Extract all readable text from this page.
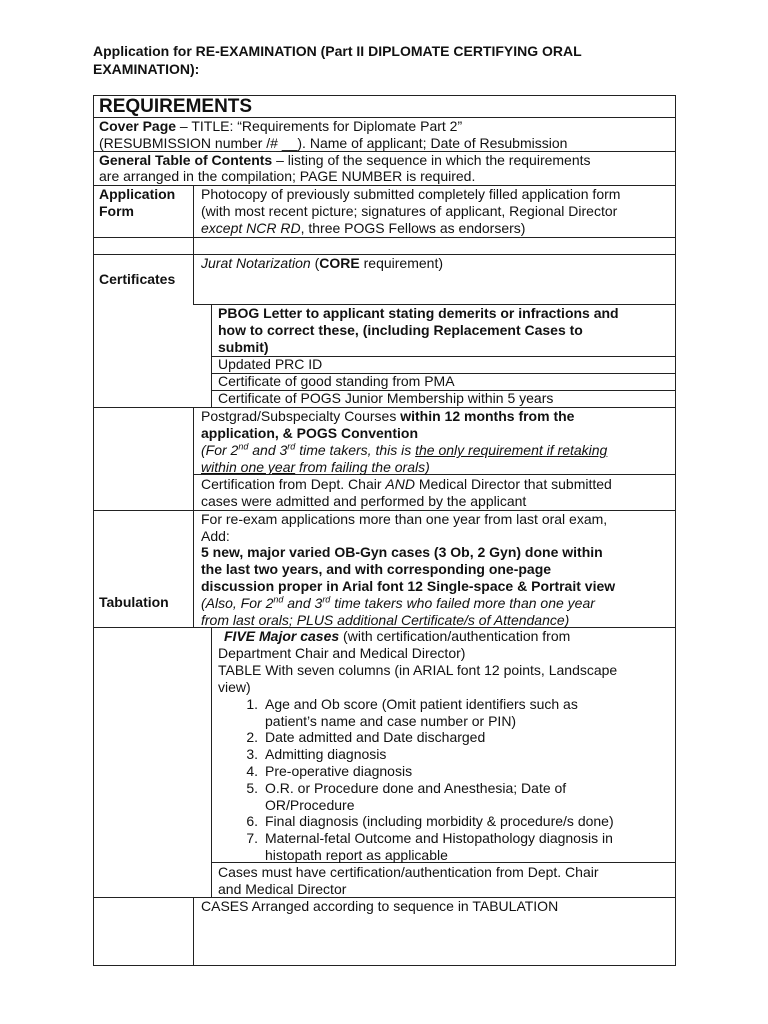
Application for RE-EXAMINATION (Part II DIPLOMATE CERTIFYING ORAL
EXAMINATION):
REQUIREMENTS
Cover Page – TITLE: “Requirements for Diplomate Part 2”
(RESUBMISSION number /# __). Name of applicant; Date of Resubmission
General Table of Contents – listing of the sequence in which the requirements
are arranged in the compilation; PAGE NUMBER is required.
Application
Form
Photocopy of previously submitted completely filled application form
(with most recent picture; signatures of applicant, Regional Director
except NCR RD, three POGS Fellows as endorsers)
Certificates
Jurat Notarization (CORE requirement)
PBOG Letter to applicant stating demerits or infractions and
how to correct these, (including Replacement Cases to
submit)
Updated PRC ID
Certificate of good standing from PMA
Certificate of POGS Junior Membership within 5 years
Postgrad/Subspecialty Courses within 12 months from the
application, & POGS Convention
(For 2nd and 3rd time takers, this is the only requirement if retaking
within one year from failing the orals)
Certification from Dept. Chair AND Medical Director that submitted
cases were admitted and performed by the applicant
Tabulation
For re-exam applications more than one year from last oral exam,
Add:
5 new, major varied OB-Gyn cases (3 Ob, 2 Gyn) done within
the last two years, and with corresponding one-page
discussion proper in Arial font 12 Single-space & Portrait view
(Also, For 2nd and 3rd time takers who failed more than one year
from last orals; PLUS additional Certificate/s of Attendance)
FIVE Major cases (with certification/authentication from
Department Chair and Medical Director)
TABLE With seven columns (in ARIAL font 12 points, Landscape
view)
1. Age and Ob score (Omit patient identifiers such as
patient’s name and case number or PIN)
2. Date admitted and Date discharged
3. Admitting diagnosis
4. Pre-operative diagnosis
5. O.R. or Procedure done and Anesthesia; Date of
OR/Procedure
6. Final diagnosis (including morbidity & procedure/s done)
7. Maternal-fetal Outcome and Histopathology diagnosis in
histopath report as applicable
Cases must have certification/authentication from Dept. Chair
and Medical Director
CASES Arranged according to sequence in TABULATION
